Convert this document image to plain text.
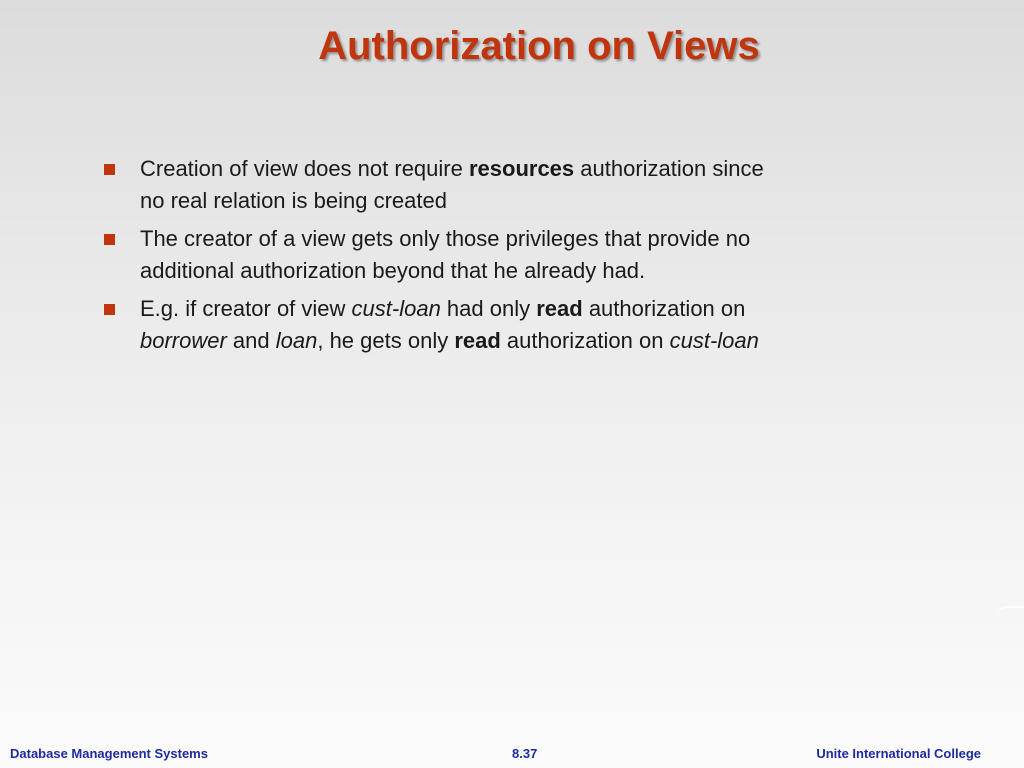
Authorization on Views
Creation of view does not require resources authorization since
no real relation is being created
The creator of a view gets only those privileges that provide no
additional authorization beyond that he already had.
E.g. if creator of view cust-loan had only read authorization on
borrower and loan, he gets only read authorization on cust-loan
Database Management Systems	8.37	Unite International College
